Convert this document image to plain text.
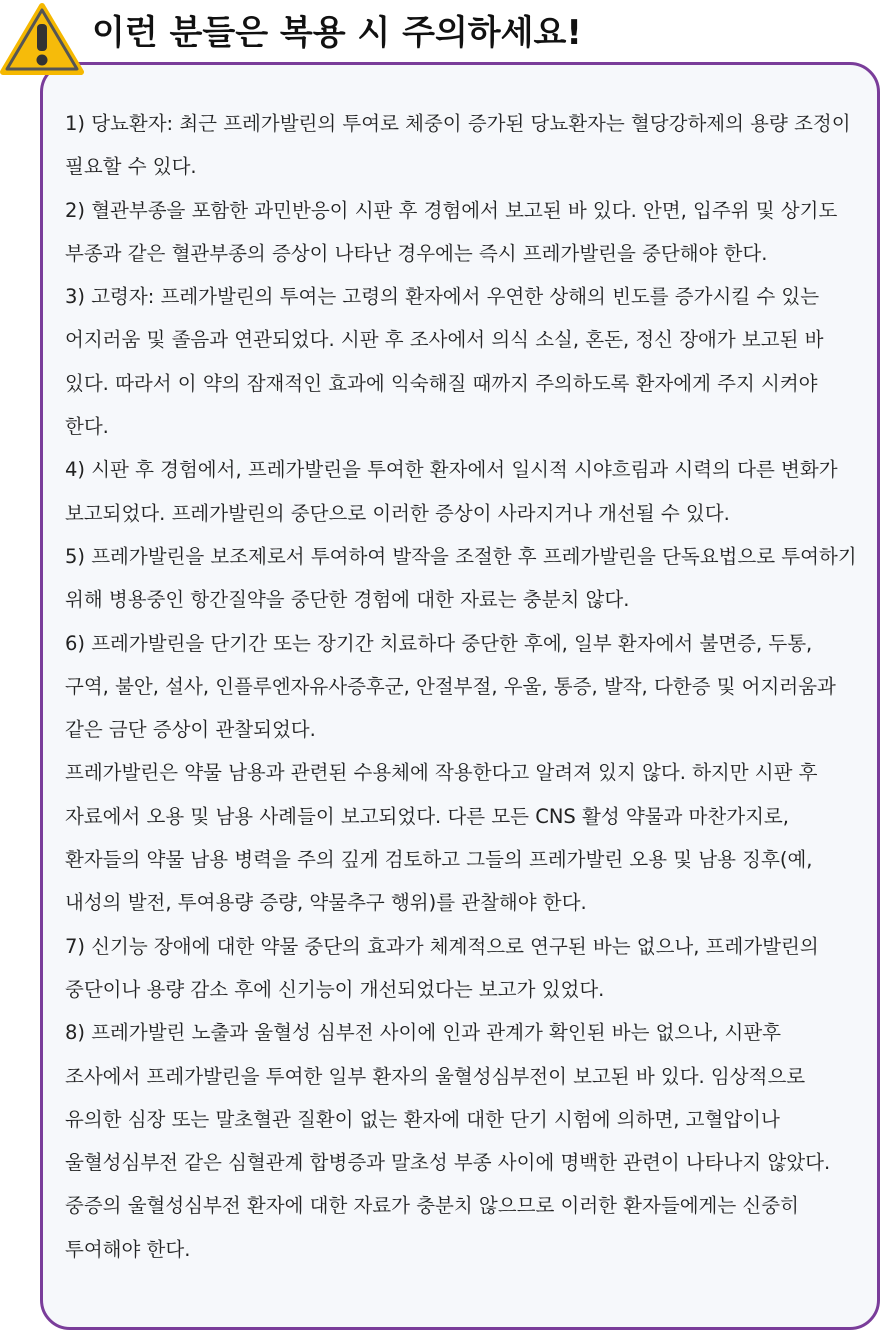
이런 분들은 복용 시 주의하세요!

1) 당뇨환자: 최근 프레가발린의 투여로 체중이 증가된 당뇨환자는 혈당강하제의 용량 조정이 필요할 수 있다.

2) 혈관부종을 포함한 과민반응이 시판 후 경험에서 보고된 바 있다. 안면, 입주위 및 상기도 부종과 같은 혈관부종의 증상이 나타난 경우에는 즉시 프레가발린을 중단해야 한다.

3) 고령자: 프레가발린의 투여는 고령의 환자에서 우연한 상해의 빈도를 증가시킬 수 있는 어지러움 및 졸음과 연관되었다. 시판 후 조사에서 의식 소실, 혼돈, 정신 장애가 보고된 바 있다. 따라서 이 약의 잠재적인 효과에 익숙해질 때까지 주의하도록 환자에게 주지 시켜야 한다.

4) 시판 후 경험에서, 프레가발린을 투여한 환자에서 일시적 시야흐림과 시력의 다른 변화가 보고되었다. 프레가발린의 중단으로 이러한 증상이 사라지거나 개선될 수 있다.

5) 프레가발린을 보조제로서 투여하여 발작을 조절한 후 프레가발린을 단독요법으로 투여하기 위해 병용중인 항간질약을 중단한 경험에 대한 자료는 충분치 않다.

6) 프레가발린을 단기간 또는 장기간 치료하다 중단한 후에, 일부 환자에서 불면증, 두통, 구역, 불안, 설사, 인플루엔자유사증후군, 안절부절, 우울, 통증, 발작, 다한증 및 어지러움과 같은 금단 증상이 관찰되었다.

프레가발린은 약물 남용과 관련된 수용체에 작용한다고 알려져 있지 않다. 하지만 시판 후 자료에서 오용 및 남용 사례들이 보고되었다. 다른 모든 CNS 활성 약물과 마찬가지로, 환자들의 약물 남용 병력을 주의 깊게 검토하고 그들의 프레가발린 오용 및 남용 징후(예, 내성의 발전, 투여용량 증량, 약물추구 행위)를 관찰해야 한다.

7) 신기능 장애에 대한 약물 중단의 효과가 체계적으로 연구된 바는 없으나, 프레가발린의 중단이나 용량 감소 후에 신기능이 개선되었다는 보고가 있었다.

8) 프레가발린 노출과 울혈성 심부전 사이에 인과 관계가 확인된 바는 없으나, 시판후 조사에서 프레가발린을 투여한 일부 환자의 울혈성심부전이 보고된 바 있다. 임상적으로 유의한 심장 또는 말초혈관 질환이 없는 환자에 대한 단기 시험에 의하면, 고혈압이나 울혈성심부전 같은 심혈관계 합병증과 말초성 부종 사이에 명백한 관련이 나타나지 않았다. 중증의 울혈성심부전 환자에 대한 자료가 충분치 않으므로 이러한 환자들에게는 신중히 투여해야 한다.
